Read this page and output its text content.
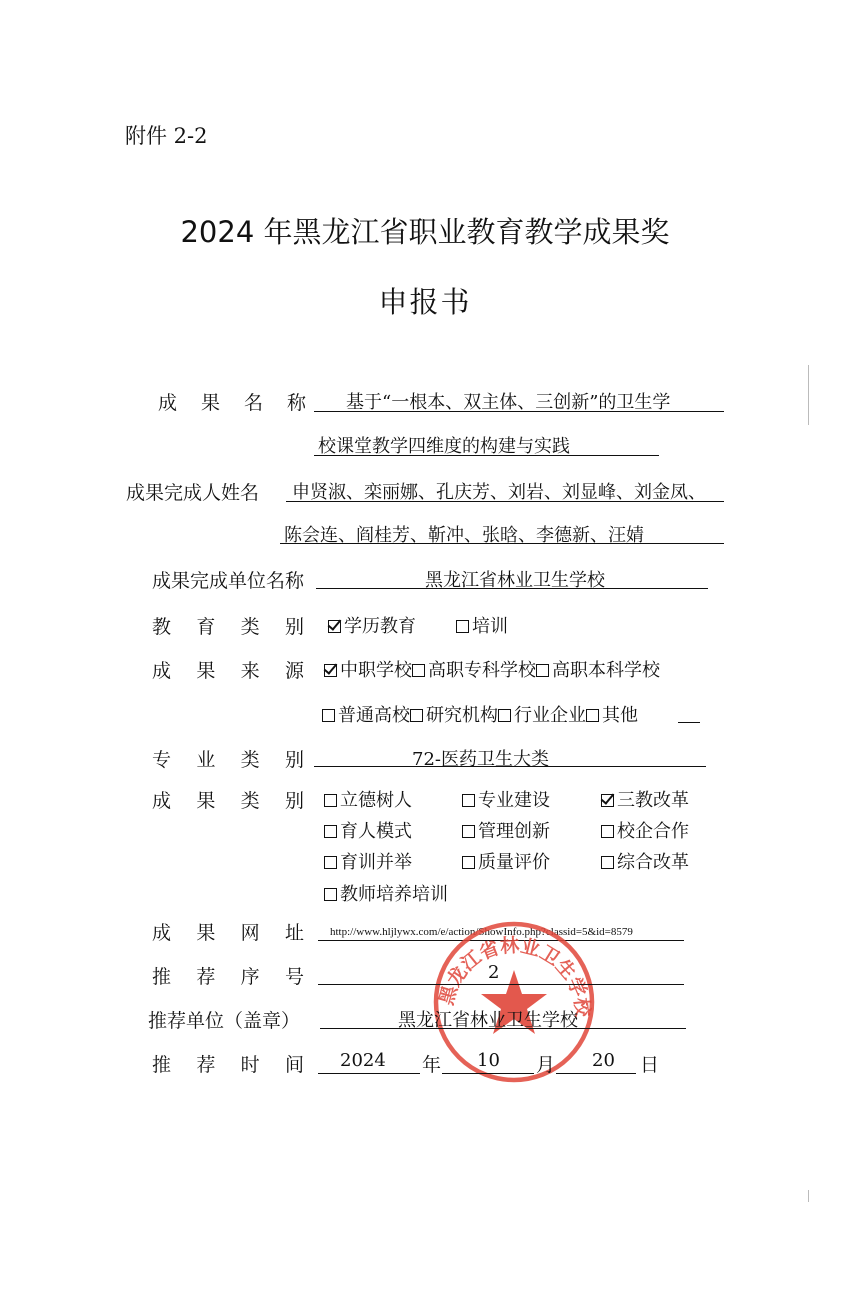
附件 2-2
2024 年黑龙江省职业教育教学成果奖
申报书
成 果 名 称 基于“一根本、双主体、三创新”的卫生学
校课堂教学四维度的构建与实践
成果完成人姓名 申贤淑、栾丽娜、孔庆芳、刘岩、刘显峰、刘金凤、
陈会连、阎桂芳、靳冲、张晗、李德新、汪婧
成果完成单位名称	黑龙江省林业卫生学校
教 育 类 别	学历教育	培训
成 果 来 源	中职学校 高职专科学校 高职本科学校
普通高校 研究机构 行业企业 其他
专 业 类 别	72-医药卫生大类
成 果 类 别	立德树人	专业建设	三教改革
育人模式	管理创新	校企合作
育训并举	质量评价	综合改革
教师培养培训
成 果 网 址 http://www.hljlywx.com/e/action/ShowInfo.php?classid=5&id=8579
黑龙江省林业卫生学校
推 荐 序 号	2
推荐单位（盖章）	黑龙江省林业卫生学校
推 荐 时 间 2024 年 10 月 20 日
